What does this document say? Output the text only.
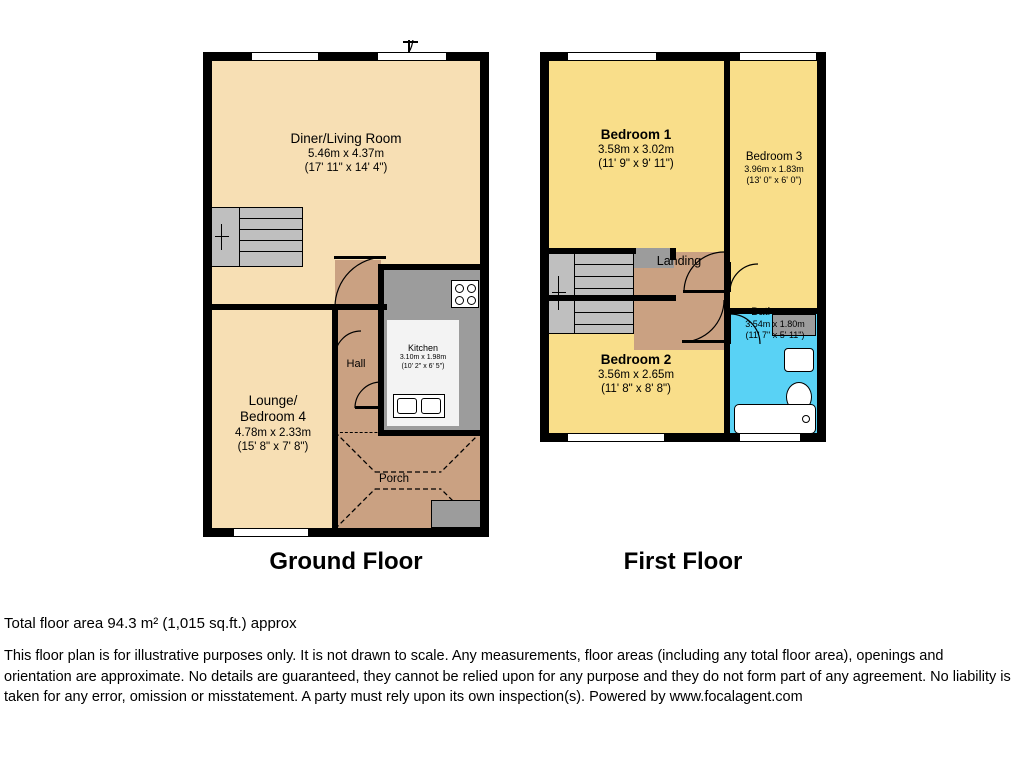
Diner/Living Room
5.46m x 4.37m
(17' 11" x 14' 4")
Lounge/
Bedroom 4
4.78m x 2.33m
(15' 8" x 7' 8")
Kitchen
3.10m x 1.98m
(10' 2" x 6' 5")
Hall
Porch
Ground Floor
Bedroom 1
3.58m x 3.02m
(11' 9" x 9' 11")
Bedroom 3
3.96m x 1.83m
(13' 0" x 6' 0")
Bedroom 2
3.56m x 2.65m
(11' 8" x 8' 8")
Bathroom
3.54m x 1.80m
(11' 7" x 5' 11")
Landing
First Floor

Total floor area 94.3 m² (1,015 sq.ft.) approx

This floor plan is for illustrative purposes only. It is not drawn to scale. Any measurements, floor areas (including any total floor area), openings and orientation are approximate. No details are guaranteed, they cannot be relied upon for any purpose and they do not form part of any agreement. No liability is taken for any error, omission or misstatement. A party must rely upon its own inspection(s). Powered by www.focalagent.com
